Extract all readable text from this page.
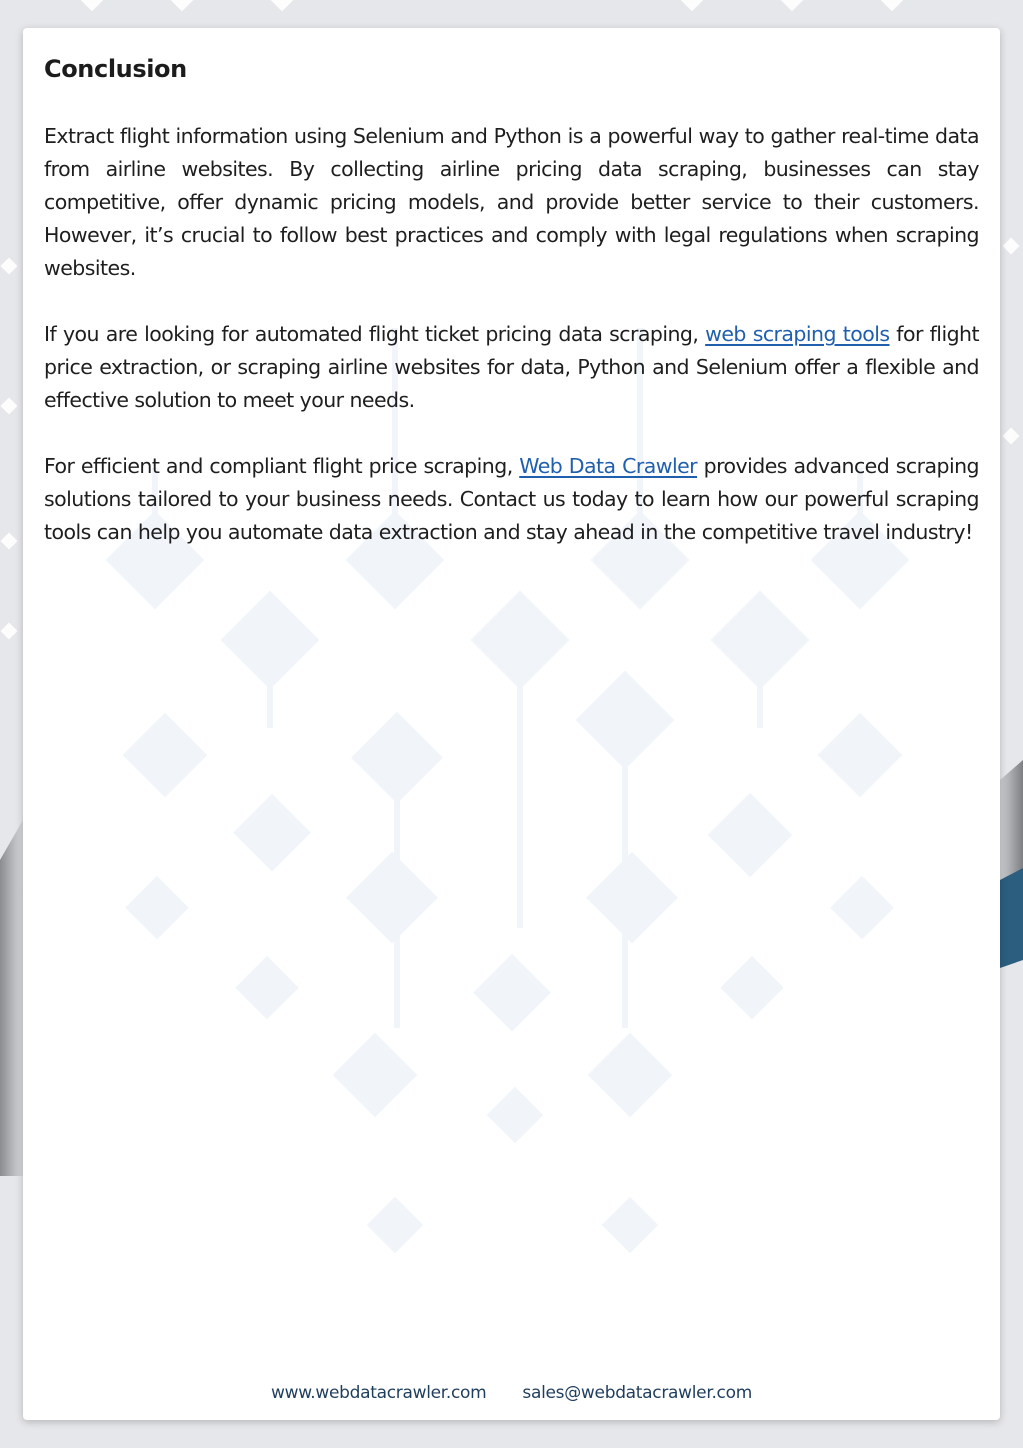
Conclusion

Extract flight information using Selenium and Python is a powerful way to gather real-time data from airline websites. By collecting airline pricing data scraping, businesses can stay competitive, offer dynamic pricing models, and provide better service to their customers. However, it’s crucial to follow best practices and comply with legal regulations when scraping websites.

If you are looking for automated flight ticket pricing data scraping, web scraping tools for flight price extraction, or scraping airline websites for data, Python and Selenium offer a flexible and effective solution to meet your needs.

For efficient and compliant flight price scraping, Web Data Crawler provides advanced scraping solutions tailored to your business needs. Contact us today to learn how our powerful scraping tools can help you automate data extraction and stay ahead in the competitive travel industry!

www.webdatacrawler.com sales@webdatacrawler.com
